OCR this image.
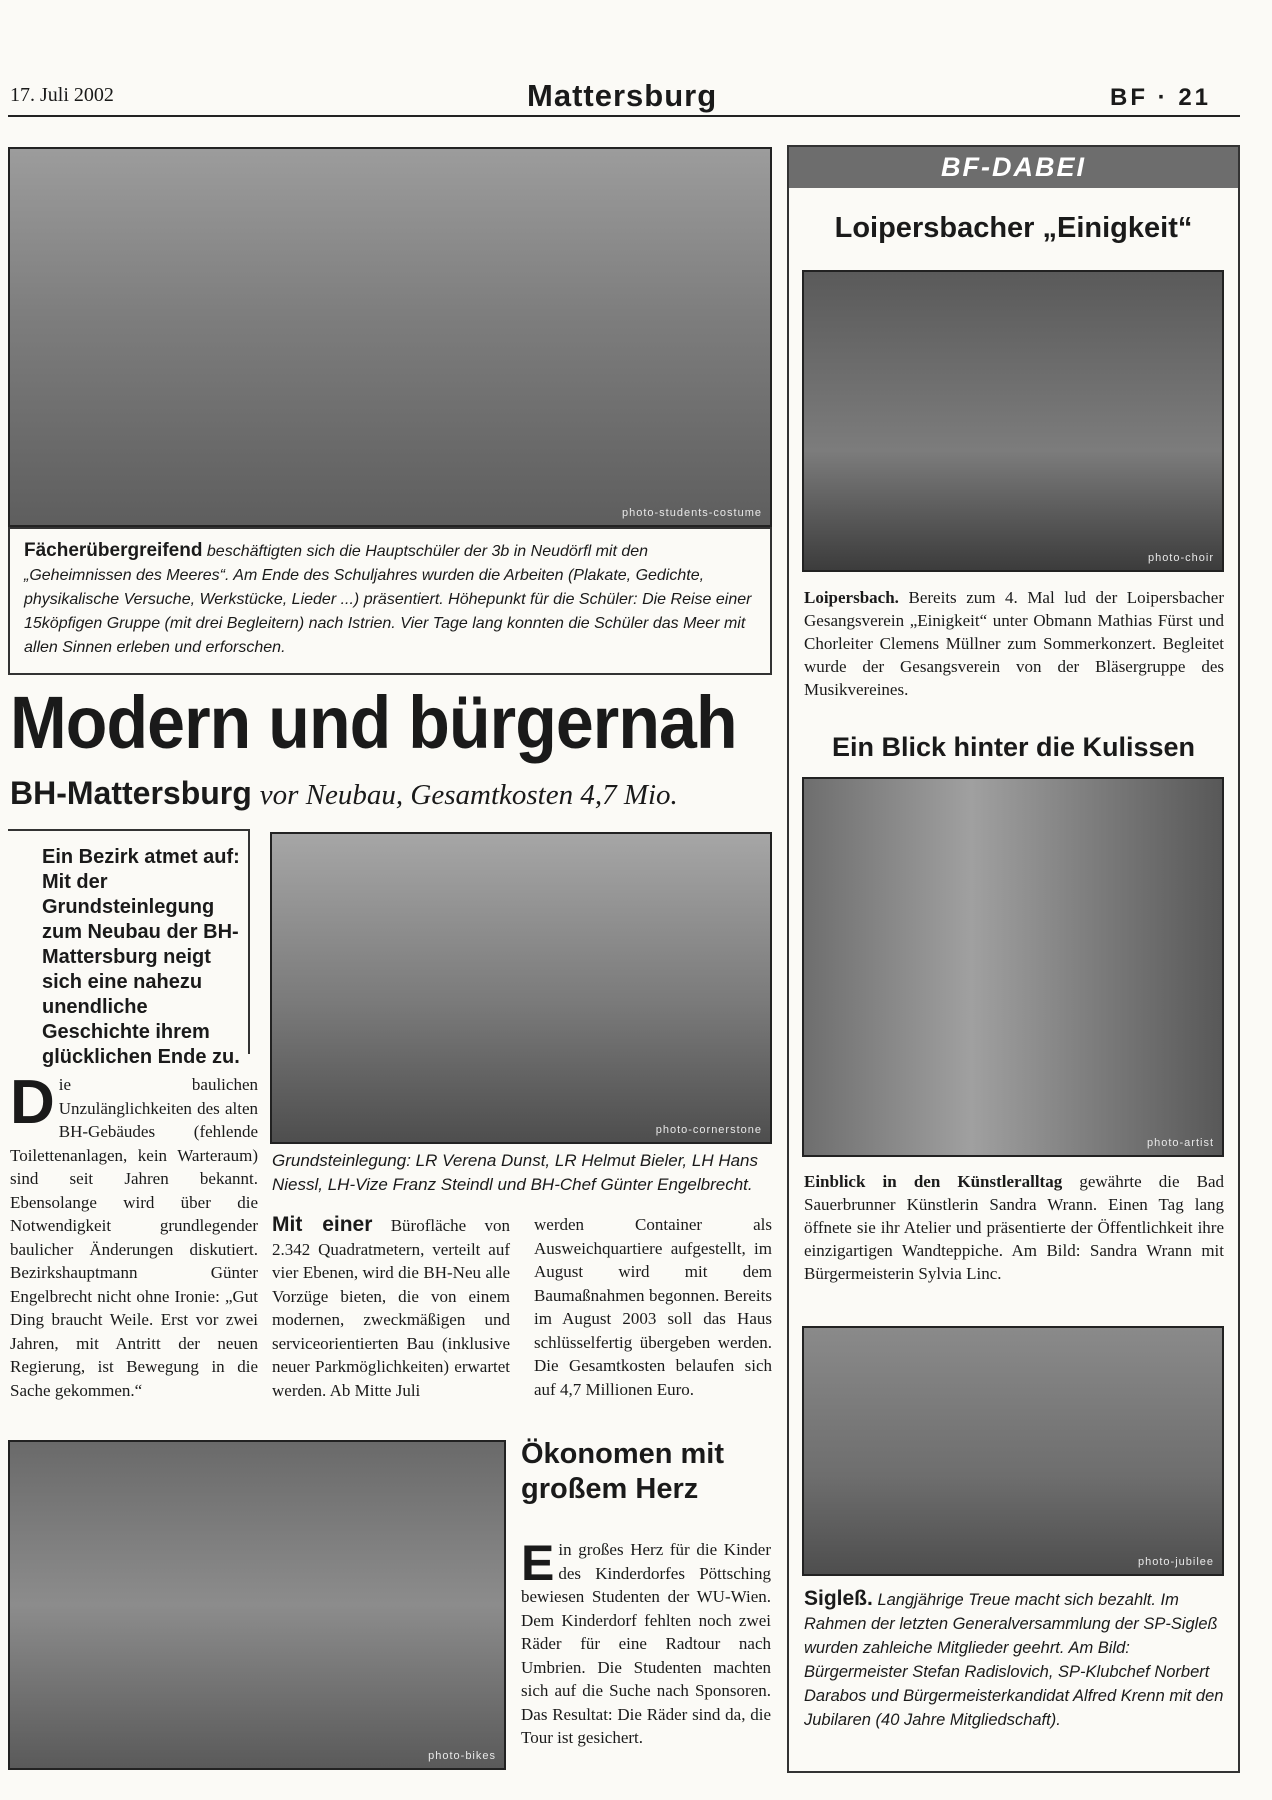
17. Juli 2002	Mattersburg	BF · 21
photo-students-costume
Fächerübergreifend beschäftigten sich die Hauptschüler der 3b in Neudörfl mit den „Geheimnissen des Meeres“. Am Ende des Schuljahres wurden die Arbeiten (Plakate, Gedichte, physikalische Versuche, Werkstücke, Lieder ...) präsentiert. Höhepunkt für die Schüler: Die Reise einer 15köpfigen Gruppe (mit drei Begleitern) nach Istrien. Vier Tage lang konnten die Schüler das Meer mit allen Sinnen erleben und erforschen.
Modern und bürgernah
BH-Mattersburg vor Neubau, Gesamtkosten 4,7 Mio.
Ein Bezirk atmet auf: Mit der Grundsteinlegung zum Neubau der BH-Mattersburg neigt sich eine nahezu unendliche Geschichte ihrem glücklichen Ende zu.
Die baulichen Unzulänglichkeiten des alten BH-Gebäudes (fehlende Toilettenanlagen, kein Warteraum) sind seit Jahren bekannt. Ebensolange wird über die Notwendigkeit grundlegender baulicher Änderungen diskutiert. Bezirkshauptmann Günter Engelbrecht nicht ohne Ironie: „Gut Ding braucht Weile. Erst vor zwei Jahren, mit Antritt der neuen Regierung, ist Bewegung in die Sache gekommen.“
photo-cornerstone
Grundsteinlegung: LR Verena Dunst, LR Helmut Bieler, LH Hans Niessl, LH-Vize Franz Steindl und BH-Chef Günter Engelbrecht.
Mit einer Bürofläche von 2.342 Quadratmetern, verteilt auf vier Ebenen, wird die BH-Neu alle Vorzüge bieten, die von einem modernen, zweckmäßigen und serviceorientierten Bau (inklusive neuer Parkmöglichkeiten) erwartet werden. Ab Mitte Juli
werden Container als Ausweichquartiere aufgestellt, im August wird mit dem Baumaßnahmen begonnen. Bereits im August 2003 soll das Haus schlüsselfertig übergeben werden. Die Gesamtkosten belaufen sich auf 4,7 Millionen Euro.
photo-bikes
Ökonomen mit
großem Herz
Ein großes Herz für die Kinder des Kinderdorfes Pöttsching bewiesen Studenten der WU-Wien. Dem Kinderdorf fehlten noch zwei Räder für eine Radtour nach Umbrien. Die Studenten machten sich auf die Suche nach Sponsoren. Das Resultat: Die Räder sind da, die Tour ist gesichert.
BF-DABEI
Loipersbacher „Einigkeit“
photo-choir
Loipersbach. Bereits zum 4. Mal lud der Loipersbacher Gesangsverein „Einigkeit“ unter Obmann Mathias Fürst und Chorleiter Clemens Müllner zum Sommerkonzert. Begleitet wurde der Gesangsverein von der Bläsergruppe des Musikvereines.
Ein Blick hinter die Kulissen
photo-artist
Einblick in den Künstleralltag gewährte die Bad Sauerbrunner Künstlerin Sandra Wrann. Einen Tag lang öffnete sie ihr Atelier und präsentierte der Öffentlichkeit ihre einzigartigen Wandteppiche. Am Bild: Sandra Wrann mit Bürgermeisterin Sylvia Linc.
photo-jubilee
Sigleß. Langjährige Treue macht sich bezahlt. Im Rahmen der letzten Generalversammlung der SP-Sigleß wurden zahleiche Mitglieder geehrt. Am Bild: Bürgermeister Stefan Radislovich, SP-Klubchef Norbert Darabos und Bürgermeisterkandidat Alfred Krenn mit den Jubilaren (40 Jahre Mitgliedschaft).
